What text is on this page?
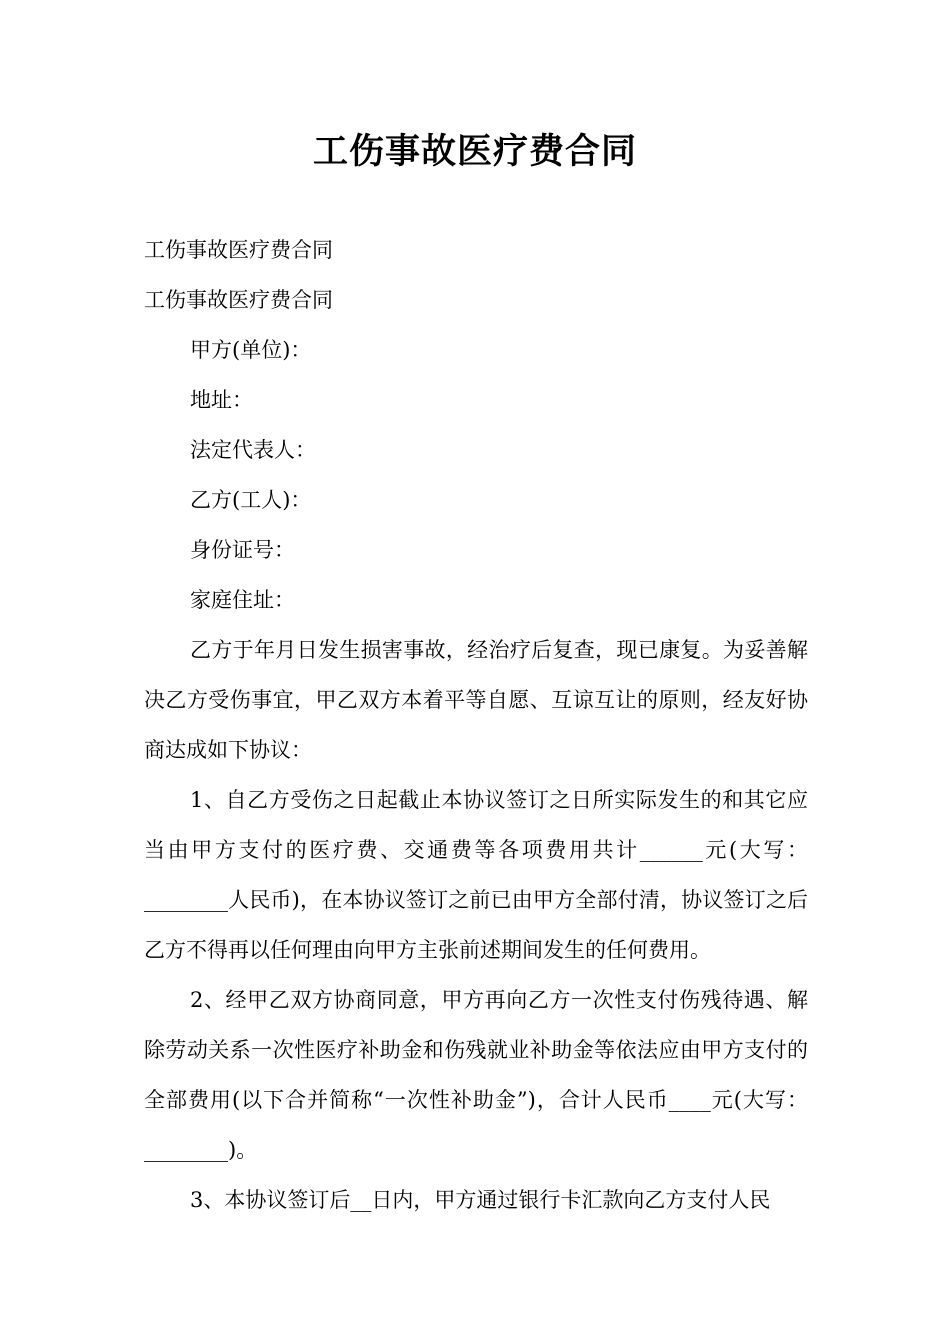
工伤事故医疗费合同
工伤事故医疗费合同
工伤事故医疗费合同
甲方(单位)：
地址：
法定代表人：
乙方(工人)：
身份证号：
家庭住址：

乙方于年月日发生损害事故，经治疗后复查，现已康复。为妥善解决乙方受伤事宜，甲乙双方本着平等自愿、互谅互让的原则，经友好协商达成如下协议：

1、自乙方受伤之日起截止本协议签订之日所实际发生的和其它应当由甲方支付的医疗费、交通费等各项费用共计______元(大写：________人民币)，在本协议签订之前已由甲方全部付清，协议签订之后乙方不得再以任何理由向甲方主张前述期间发生的任何费用。

2、经甲乙双方协商同意，甲方再向乙方一次性支付伤残待遇、解除劳动关系一次性医疗补助金和伤残就业补助金等依法应由甲方支付的全部费用(以下合并简称“一次性补助金”)，合计人民币____元(大写：________)。

3、本协议签订后__日内，甲方通过银行卡汇款向乙方支付人民
